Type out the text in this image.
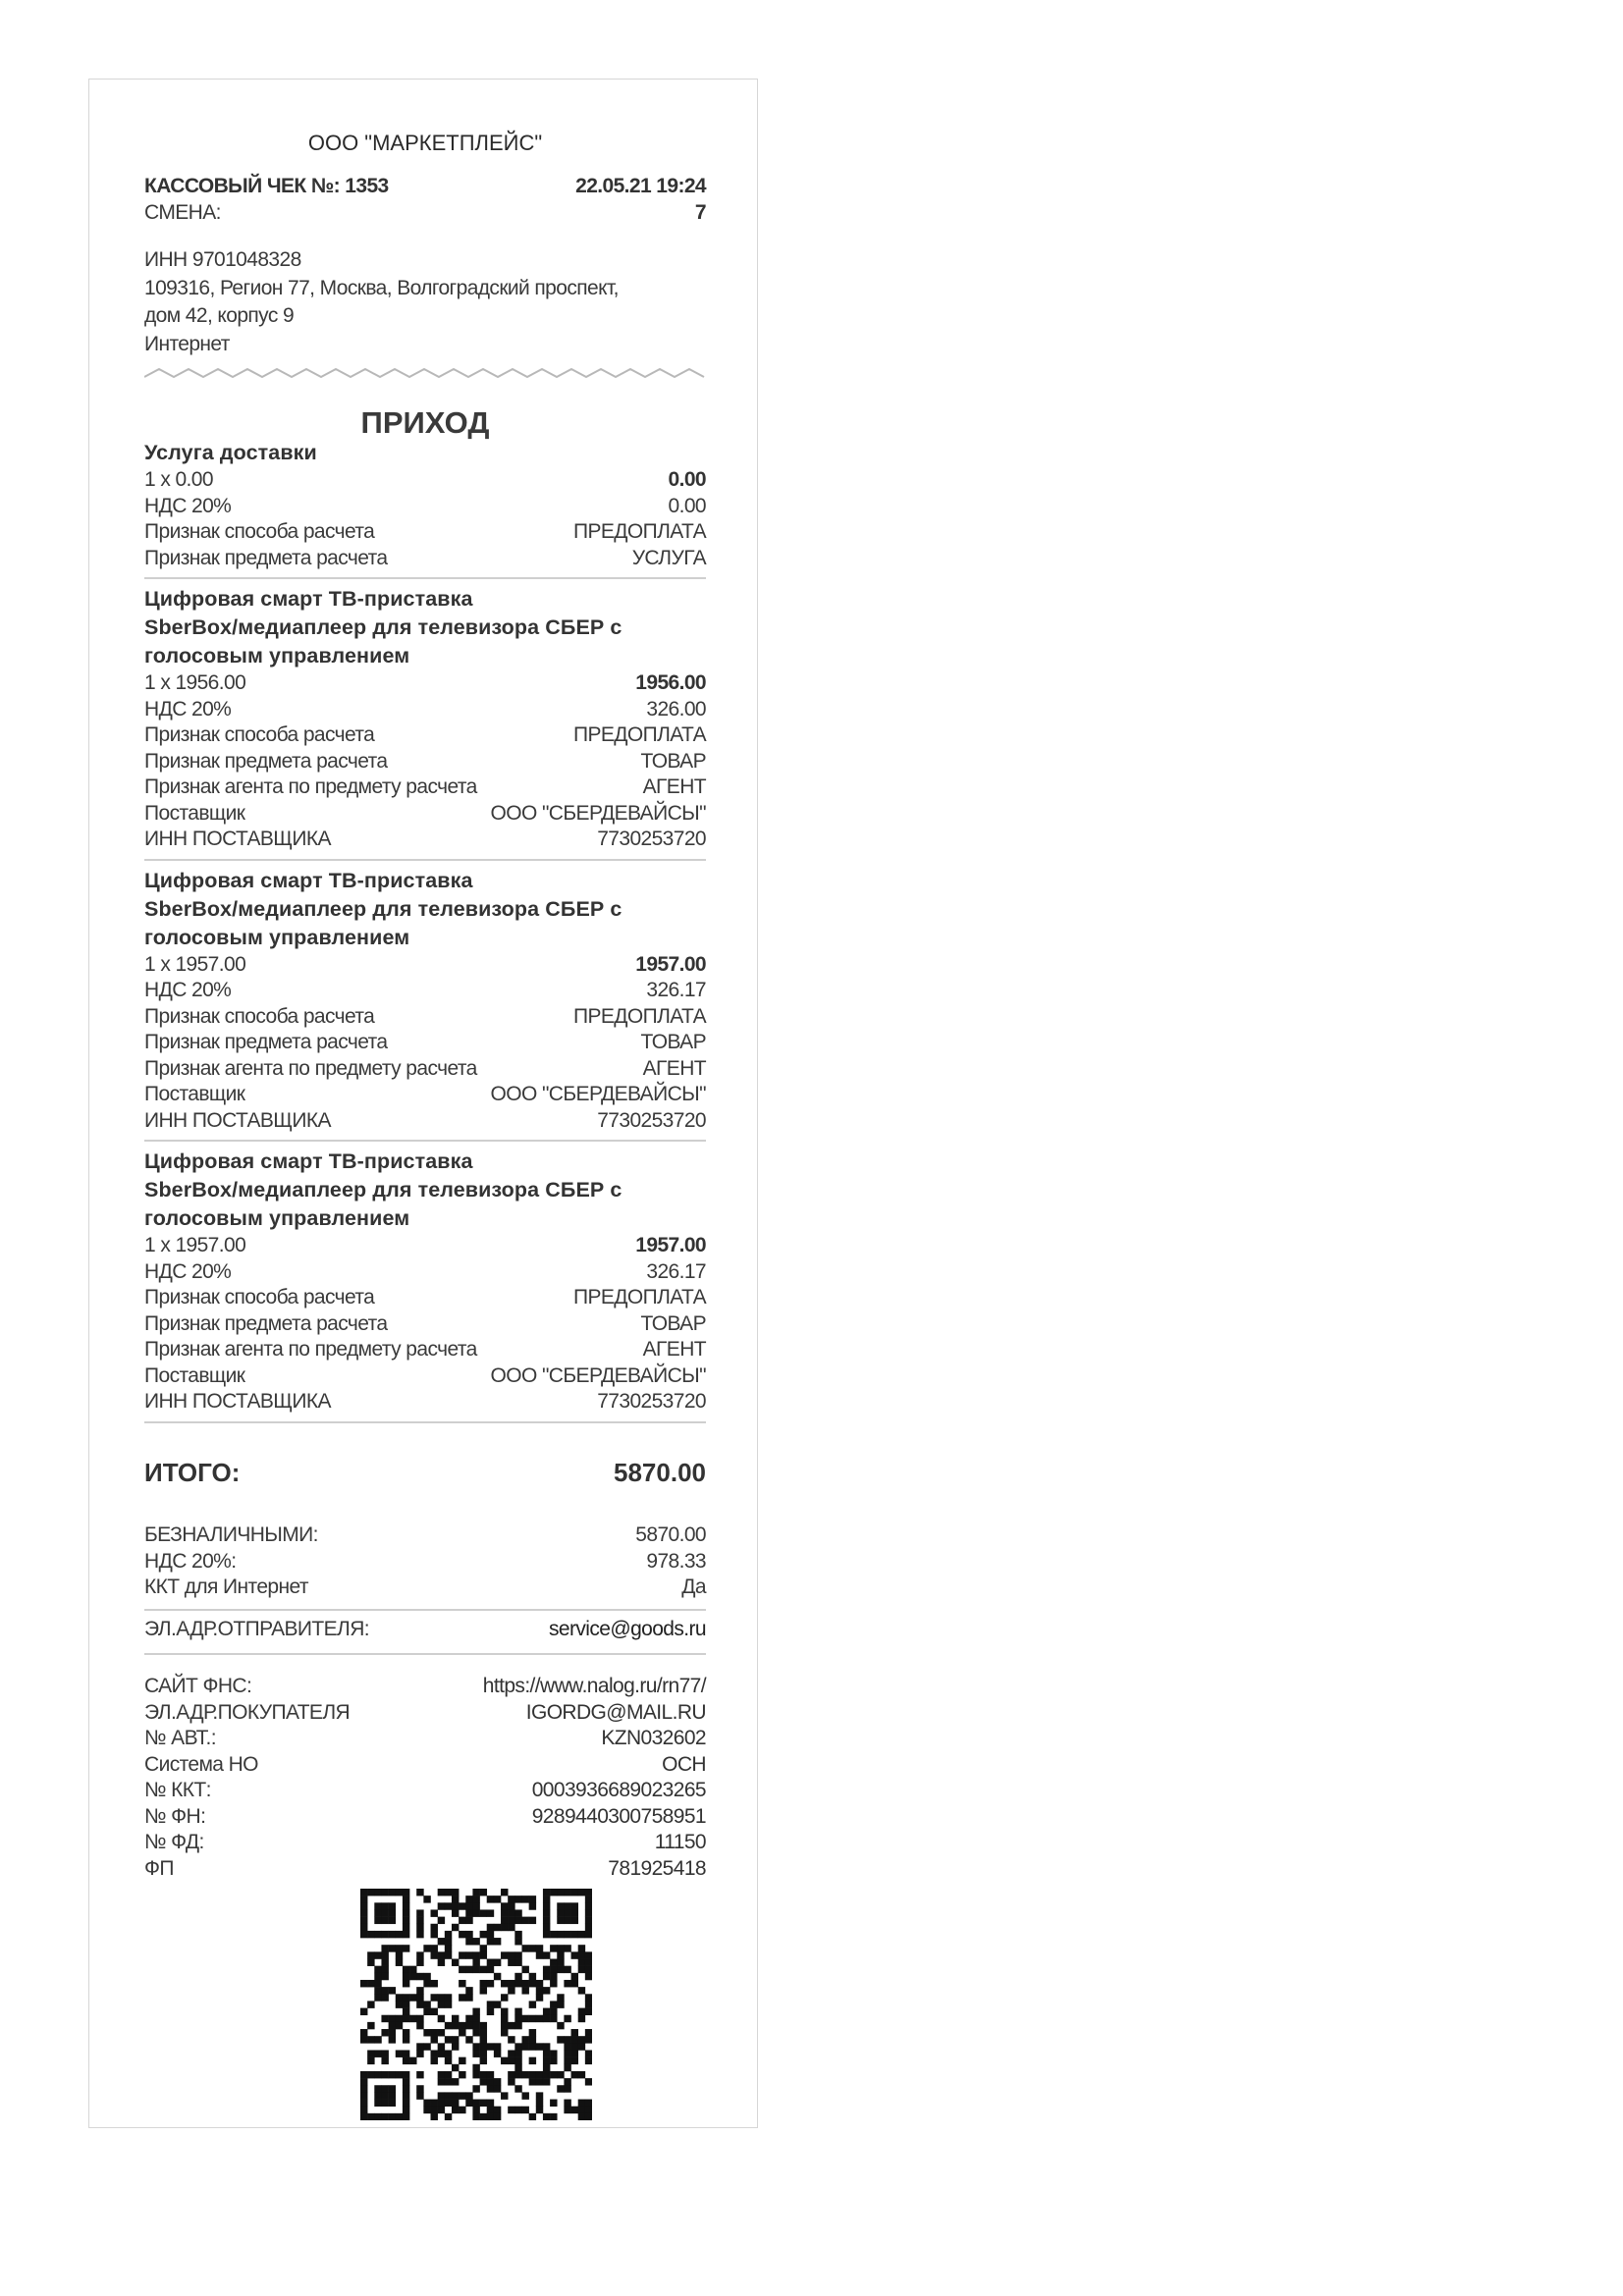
ООО "МАРКЕТПЛЕЙС"
КАССОВЫЙ ЧЕК №: 1353	22.05.21 19:24
СМЕНА:	7
ИНН 9701048328
109316, Регион 77, Москва, Волгоградский проспект,
дом 42, корпус 9
Интернет
ПРИХОД
Услуга доставки
1 x 0.00	0.00
НДС 20%	0.00
Признак способа расчета	ПРЕДОПЛАТА
Признак предмета расчета	УСЛУГА
Цифровая смарт ТВ-приставка
SberBox/медиаплеер для телевизора СБЕР с
голосовым управлением
1 x 1956.00	1956.00
НДС 20%	326.00
Признак способа расчета	ПРЕДОПЛАТА
Признак предмета расчета	ТОВАР
Признак агента по предмету расчета	АГЕНТ
Поставщик	ООО "СБЕРДЕВАЙСЫ"
ИНН ПОСТАВЩИКА	7730253720
Цифровая смарт ТВ-приставка
SberBox/медиаплеер для телевизора СБЕР с
голосовым управлением
1 x 1957.00	1957.00
НДС 20%	326.17
Признак способа расчета	ПРЕДОПЛАТА
Признак предмета расчета	ТОВАР
Признак агента по предмету расчета	АГЕНТ
Поставщик	ООО "СБЕРДЕВАЙСЫ"
ИНН ПОСТАВЩИКА	7730253720
Цифровая смарт ТВ-приставка
SberBox/медиаплеер для телевизора СБЕР с
голосовым управлением
1 x 1957.00	1957.00
НДС 20%	326.17
Признак способа расчета	ПРЕДОПЛАТА
Признак предмета расчета	ТОВАР
Признак агента по предмету расчета	АГЕНТ
Поставщик	ООО "СБЕРДЕВАЙСЫ"
ИНН ПОСТАВЩИКА	7730253720
ИТОГО:	5870.00
БЕЗНАЛИЧНЫМИ:	5870.00
НДС 20%:	978.33
ККТ для Интернет	Да
ЭЛ.АДР.ОТПРАВИТЕЛЯ:	service@goods.ru
САЙТ ФНС:	https://www.nalog.ru/rn77/
ЭЛ.АДР.ПОКУПАТЕЛЯ	IGORDG@MAIL.RU
№ АВТ.:	KZN032602
Система НО	ОСН
№ ККТ:	0003936689023265
№ ФН:	9289440300758951
№ ФД:	11150
ФП	781925418
